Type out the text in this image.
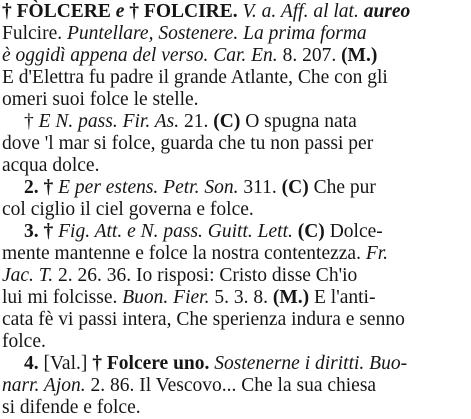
† FÒLCERE e † FOLCIRE. V. a. Aff. al lat. aureo
Fulcire. Puntellare, Sostenere. La prima forma
è oggidì appena del verso. Car. En. 8. 207. (M.)
E d'Elettra fu padre il grande Atlante, Che con gli
omeri suoi folce le stelle.
† E N. pass. Fir. As. 21. (C) O spugna nata
dove 'l mar si folce, guarda che tu non passi per
acqua dolce.
2. † E per estens. Petr. Son. 311. (C) Che pur
col ciglio il ciel governa e folce.
3. † Fig. Att. e N. pass. Guitt. Lett. (C) Dolce-
mente mantenne e folce la nostra contentezza. Fr.
Jac. T. 2. 26. 36. Io risposi: Cristo disse Ch'io
lui mi folcisse. Buon. Fier. 5. 3. 8. (M.) E l'anti-
cata fè vi passi intera, Che sperienza indura e senno
folce.
4. [Val.] † Folcere uno. Sostenerne i diritti. Buo-
narr. Ajon. 2. 86. Il Vescovo... Che la sua chiesa
si difende e folce.
